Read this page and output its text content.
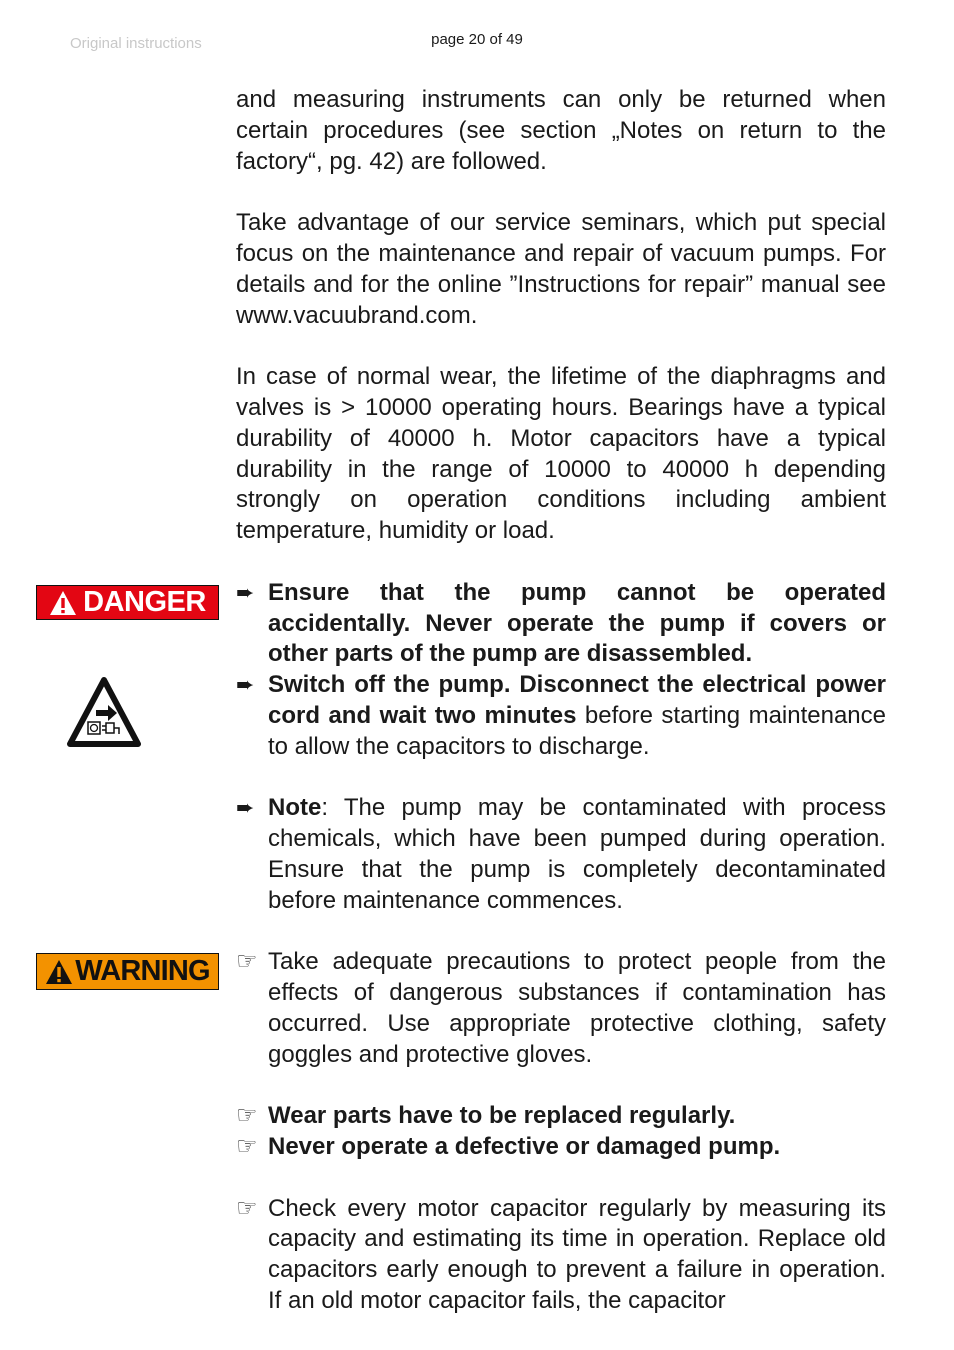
Original instructions	page 20 of 49
DANGER
WARNING

and measuring instruments can only be returned when certain procedures (see section „Notes on return to the factory“, pg. 42) are followed.

Take advantage of our service seminars, which put special focus on the maintenance and repair of vacuum pumps. For details and for the online ”Instructions for repair” manual see www.vacuubrand.com.

In case of normal wear, the lifetime of the diaphragms and valves is > 10000 operating hours. Bearings have a typical durability of 40000 h. Motor capacitors have a typical durability in the range of 10000 to 40000 h depending strongly on operation conditions including ambient temperature, humidity or load.

➨ Ensure that the pump cannot be operated accidentally. Never operate the pump if covers or other parts of the pump are disassembled.
➨ Switch off the pump. Disconnect the electrical power cord and wait two minutes before starting maintenance to allow the capacitors to discharge.
➨ Note: The pump may be contaminated with process chemicals, which have been pumped during operation. Ensure that the pump is completely decontaminated before maintenance commences.
☞ Take adequate precautions to protect people from the effects of dangerous substances if contamination has occurred. Use appropriate protective clothing, safety goggles and protective gloves.
☞ Wear parts have to be replaced regularly.
☞ Never operate a defective or damaged pump.
☞ Check every motor capacitor regularly by measuring its capacity and estimating its time in operation. Replace old capacitors early enough to prevent a failure in operation. If an old motor capacitor fails, the capacitor
